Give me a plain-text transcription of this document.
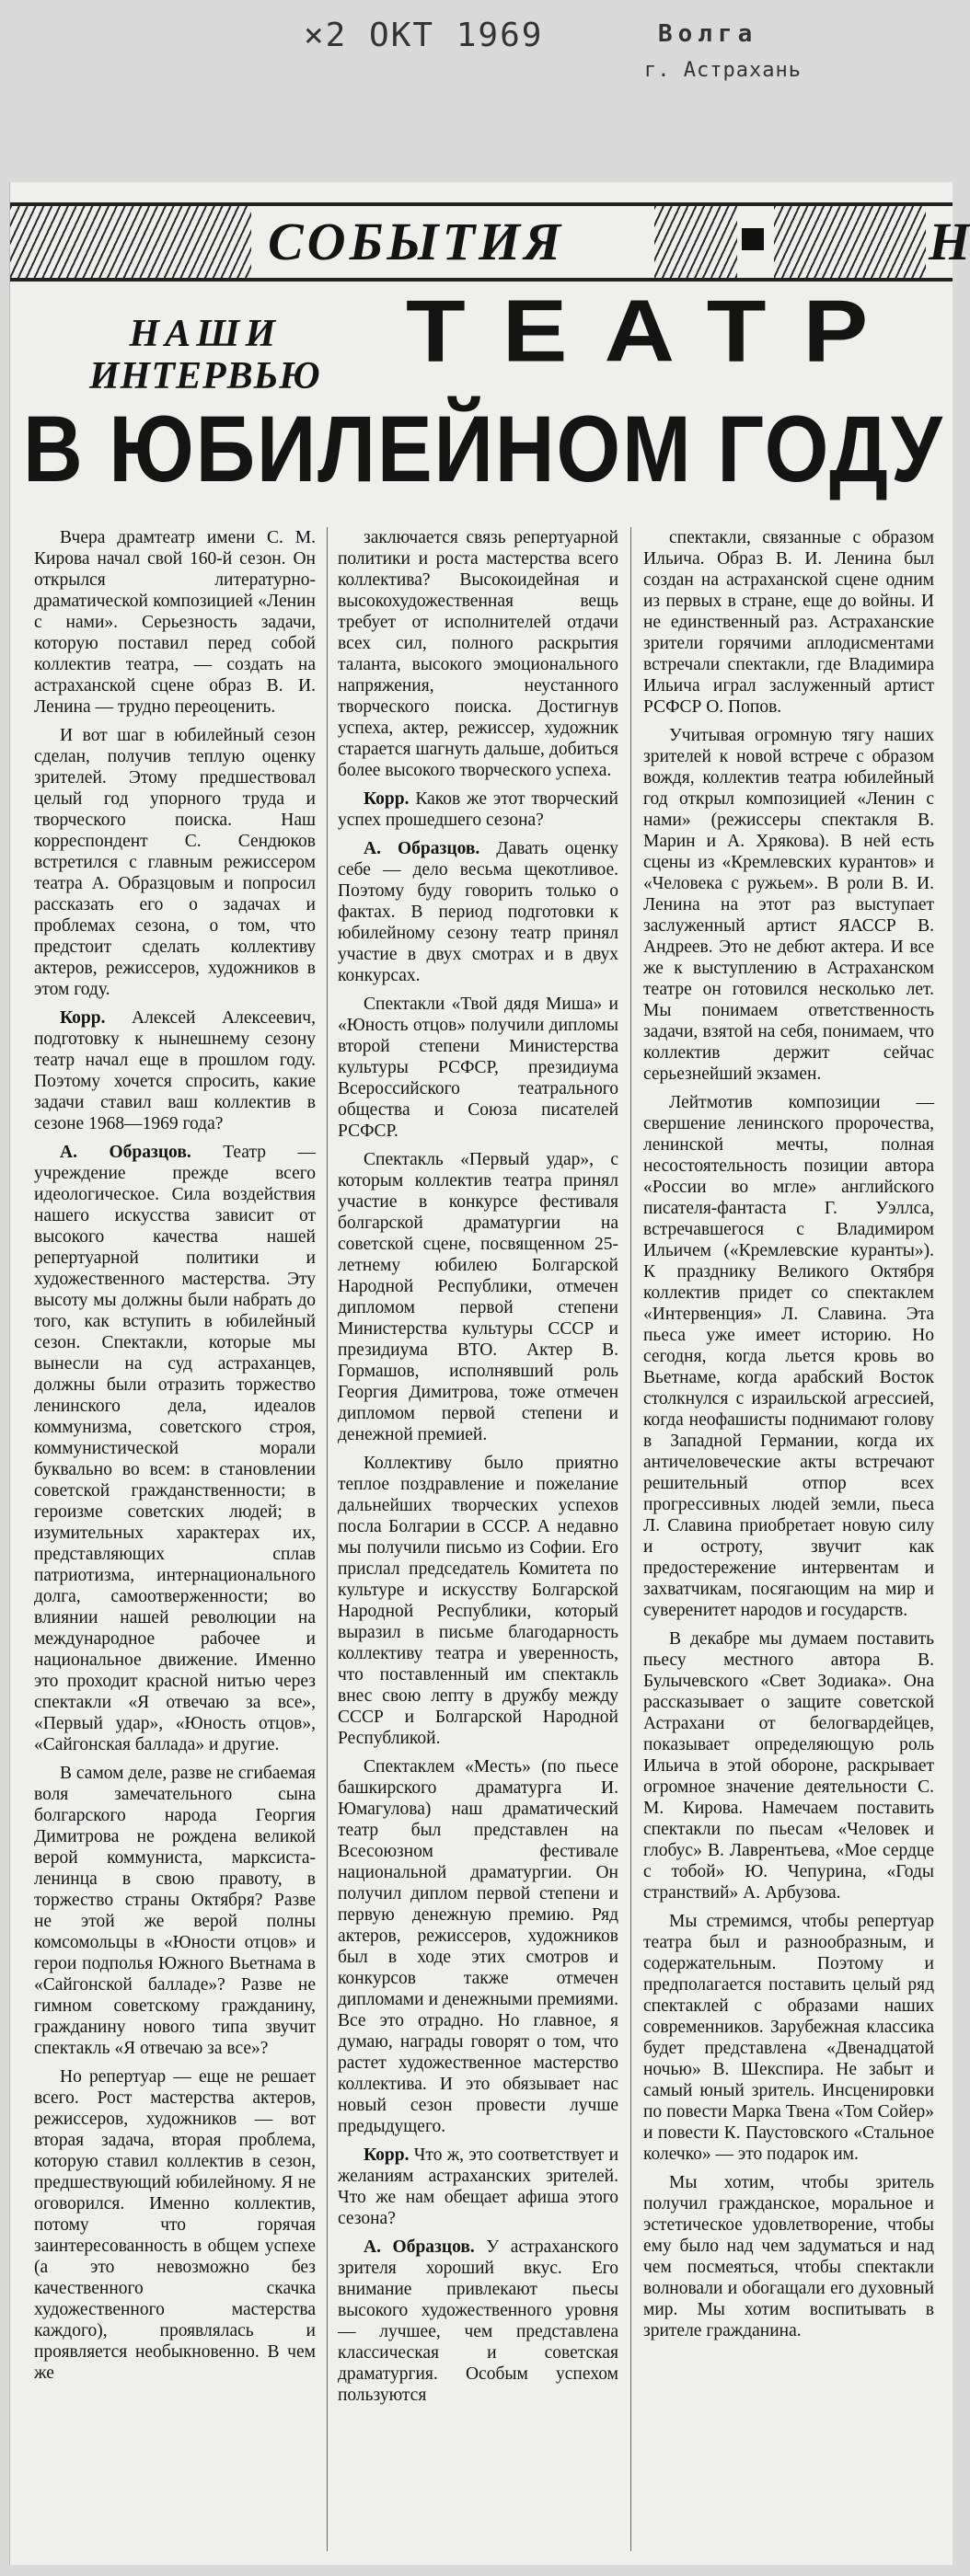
×2 ОКТ 1969	Волга
г. Астрахань
СОБЫТИЯ	Н
НАШИ
ИНТЕРВЬЮ ТЕАТР
В ЮБИЛЕЙНОМ ГОДУ

Вчера драмтеатр имени С. М. Кирова начал свой 160-й сезон. Он открылся литературно-драматической композицией «Ленин с нами». Серьезность задачи, которую поставил перед собой коллектив театра, — создать на астраханской сцене образ В. И. Ленина — трудно переоценить.

И вот шаг в юбилейный сезон сделан, получив теплую оценку зрителей. Этому предшествовал целый год упорного труда и творческого поиска. Наш корреспондент С. Сендюков встретился с главным режиссером театра А. Образцовым и попросил рассказать его о задачах и проблемах сезона, о том, что предстоит сделать коллективу актеров, режиссеров, художников в этом году.

Корр. Алексей Алексеевич, подготовку к нынешнему сезону театр начал еще в прошлом году. Поэтому хочется спросить, какие задачи ставил ваш коллектив в сезоне 1968—1969 года?

А. Образцов. Театр — учреждение прежде всего идеологическое. Сила воздействия нашего искусства зависит от высокого качества нашей репертуарной политики и художественного мастерства. Эту высоту мы должны были набрать до того, как вступить в юбилейный сезон. Спектакли, которые мы вынесли на суд астраханцев, должны были отразить торжество ленинского дела, идеалов коммунизма, советского строя, коммунистической морали буквально во всем: в становлении советской гражданственности; в героизме советских людей; в изумительных характерах их, представляющих сплав патриотизма, интернационального долга, самоотверженности; во влиянии нашей революции на международное рабочее и национальное движение. Именно это проходит красной нитью через спектакли «Я отвечаю за все», «Первый удар», «Юность отцов», «Сайгонская баллада» и другие.

В самом деле, разве не сгибаемая воля замечательного сына болгарского народа Георгия Димитрова не рождена великой верой коммуниста, марксиста-ленинца в свою правоту, в торжество страны Октября? Разве не этой же верой полны комсомольцы в «Юности отцов» и герои подполья Южного Вьетнама в «Сайгонской балладе»? Разве не гимном советскому гражданину, гражданину нового типа звучит спектакль «Я отвечаю за все»?

Но репертуар — еще не решает всего. Рост мастерства актеров, режиссеров, художников — вот вторая задача, вторая проблема, которую ставил коллектив в сезон, предшествующий юбилейному. Я не оговорился. Именно коллектив, потому что горячая заинтересованность в общем успехе (а это невозможно без качественного скачка художественного мастерства каждого), проявлялась и проявляется необыкновенно. В чем же

заключается связь репертуарной политики и роста мастерства всего коллектива? Высокоидейная и высокохудожественная вещь требует от исполнителей отдачи всех сил, полного раскрытия таланта, высокого эмоционального напряжения, неустанного творческого поиска. Достигнув успеха, актер, режиссер, художник старается шагнуть дальше, добиться более высокого творческого успеха.

Корр. Каков же этот творческий успех прошедшего сезона?

А. Образцов. Давать оценку себе — дело весьма щекотливое. Поэтому буду говорить только о фактах. В период подготовки к юбилейному сезону театр принял участие в двух смотрах и в двух конкурсах.

Спектакли «Твой дядя Миша» и «Юность отцов» получили дипломы второй степени Министерства культуры РСФСР, президиума Всероссийского театрального общества и Союза писателей РСФСР.

Спектакль «Первый удар», с которым коллектив театра принял участие в конкурсе фестиваля болгарской драматургии на советской сцене, посвященном 25-летнему юбилею Болгарской Народной Республики, отмечен дипломом первой степени Министерства культуры СССР и президиума ВТО. Актер В. Гормашов, исполнявший роль Георгия Димитрова, тоже отмечен дипломом первой степени и денежной премией.

Коллективу было приятно теплое поздравление и пожелание дальнейших творческих успехов посла Болгарии в СССР. А недавно мы получили письмо из Софии. Его прислал председатель Комитета по культуре и искусству Болгарской Народной Республики, который выразил в письме благодарность коллективу театра и уверенность, что поставленный им спектакль внес свою лепту в дружбу между СССР и Болгарской Народной Республикой.

Спектаклем «Месть» (по пьесе башкирского драматурга И. Юмагулова) наш драматический театр был представлен на Всесоюзном фестивале национальной драматургии. Он получил диплом первой степени и первую денежную премию. Ряд актеров, режиссеров, художников был в ходе этих смотров и конкурсов также отмечен дипломами и денежными премиями. Все это отрадно. Но главное, я думаю, награды говорят о том, что растет художественное мастерство коллектива. И это обязывает нас новый сезон провести лучше предыдущего.

Корр. Что ж, это соответствует и желаниям астраханских зрителей. Что же нам обещает афиша этого сезона?

А. Образцов. У астраханского зрителя хороший вкус. Его внимание привлекают пьесы высокого художественного уровня — лучшее, чем представлена классическая и советская драматургия. Особым успехом пользуются

спектакли, связанные с образом Ильича. Образ В. И. Ленина был создан на астраханской сцене одним из первых в стране, еще до войны. И не единственный раз. Астраханские зрители горячими аплодисментами встречали спектакли, где Владимира Ильича играл заслуженный артист РСФСР О. Попов.

Учитывая огромную тягу наших зрителей к новой встрече с образом вождя, коллектив театра юбилейный год открыл композицией «Ленин с нами» (режиссеры спектакля В. Марин и А. Хрякова). В ней есть сцены из «Кремлевских курантов» и «Человека с ружьем». В роли В. И. Ленина на этот раз выступает заслуженный артист ЯАССР В. Андреев. Это не дебют актера. И все же к выступлению в Астраханском театре он готовился несколько лет. Мы понимаем ответственность задачи, взятой на себя, понимаем, что коллектив держит сейчас серьезнейший экзамен.

Лейтмотив композиции — свершение ленинского пророчества, ленинской мечты, полная несостоятельность позиции автора «России во мгле» английского писателя-фантаста Г. Уэллса, встречавшегося с Владимиром Ильичем («Кремлевские куранты»). К празднику Великого Октября коллектив придет со спектаклем «Интервенция» Л. Славина. Эта пьеса уже имеет историю. Но сегодня, когда льется кровь во Вьетнаме, когда арабский Восток столкнулся с израильской агрессией, когда неофашисты поднимают голову в Западной Германии, когда их античеловеческие акты встречают решительный отпор всех прогрессивных людей земли, пьеса Л. Славина приобретает новую силу и остроту, звучит как предостережение интервентам и захватчикам, посягающим на мир и суверенитет народов и государств.

В декабре мы думаем поставить пьесу местного автора В. Булычевского «Свет Зодиака». Она рассказывает о защите советской Астрахани от белогвардейцев, показывает определяющую роль Ильича в этой обороне, раскрывает огромное значение деятельности С. М. Кирова. Намечаем поставить спектакли по пьесам «Человек и глобус» В. Лаврентьева, «Мое сердце с тобой» Ю. Чепурина, «Годы странствий» А. Арбузова.

Мы стремимся, чтобы репертуар театра был и разнообразным, и содержательным. Поэтому и предполагается поставить целый ряд спектаклей с образами наших современников. Зарубежная классика будет представлена «Двенадцатой ночью» В. Шекспира. Не забыт и самый юный зритель. Инсценировки по повести Марка Твена «Том Сойер» и повести К. Паустовского «Стальное колечко» — это подарок им.

Мы хотим, чтобы зритель получил гражданское, моральное и эстетическое удовлетворение, чтобы ему было над чем задуматься и над чем посмеяться, чтобы спектакли волновали и обогащали его духовный мир. Мы хотим воспитывать в зрителе гражданина.
